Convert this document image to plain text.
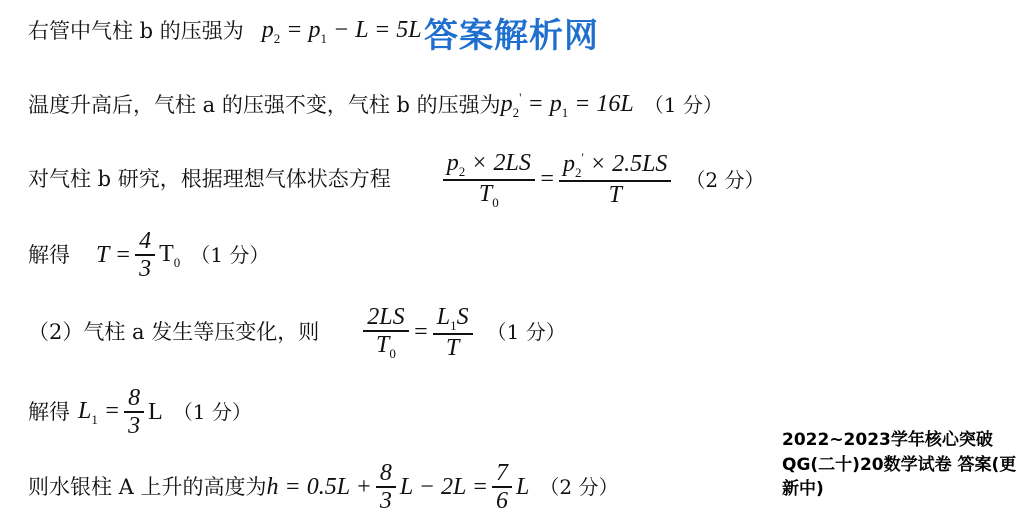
右管中气柱 b 的压强为 $p_2 = p_1 - L = 5L$ 答案解析网
温度升高后，气柱 a 的压强不变，气柱 b 的压强为 $p_2' = p_1 = 16L$ （1 分）
对气柱 b 研究，根据理想气体状态方程 $\frac{p_2 \times 2LS}{T_0} = \frac{p_2' \times 2.5LS}{T} (2$ 分）
解得 $T = \frac{4}{3} T_0$ （1 分）
（2）气柱 a 发生等压变化，则 $\frac{2LS}{T_0} = \frac{L_1S}{T} (1$ 分）
解得 $L_1 = \frac{8}{3}$ L （1 分）
则水银柱 A 上升的高度为 $h = 0.5L + \frac{8}{3}$ $L - 2L = \frac{7}{6}$ L （2 分）
2022~2023学年核心突破QG(二十)20数学试卷 答案(更新中)
